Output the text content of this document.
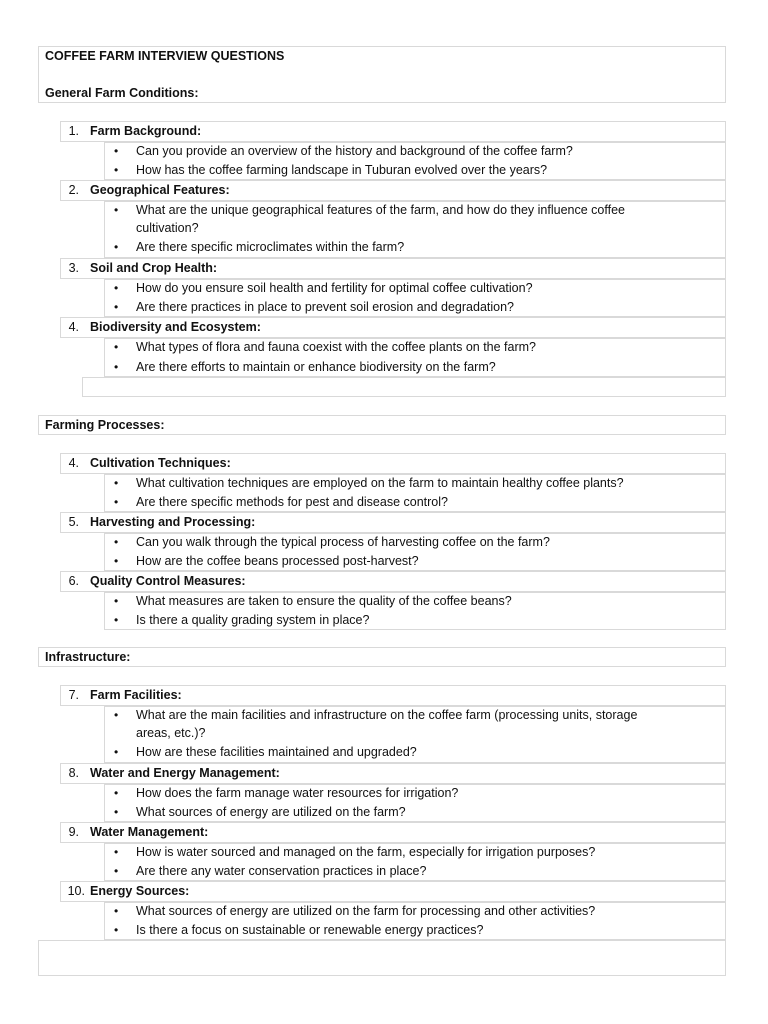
COFFEE FARM INTERVIEW QUESTIONS
General Farm Conditions:
1. Farm Background:
• Can you provide an overview of the history and background of the coffee farm?
• How has the coffee farming landscape in Tuburan evolved over the years?
2. Geographical Features:
• What are the unique geographical features of the farm, and how do they influence coffee
cultivation?
• Are there specific microclimates within the farm?
3. Soil and Crop Health:
• How do you ensure soil health and fertility for optimal coffee cultivation?
• Are there practices in place to prevent soil erosion and degradation?
4. Biodiversity and Ecosystem:
• What types of flora and fauna coexist with the coffee plants on the farm?
• Are there efforts to maintain or enhance biodiversity on the farm?
Farming Processes:
4. Cultivation Techniques:
• What cultivation techniques are employed on the farm to maintain healthy coffee plants?
• Are there specific methods for pest and disease control?
5. Harvesting and Processing:
• Can you walk through the typical process of harvesting coffee on the farm?
• How are the coffee beans processed post-harvest?
6. Quality Control Measures:
• What measures are taken to ensure the quality of the coffee beans?
• Is there a quality grading system in place?
Infrastructure:
7. Farm Facilities:
• What are the main facilities and infrastructure on the coffee farm (processing units, storage
areas, etc.)?
• How are these facilities maintained and upgraded?
8. Water and Energy Management:
• How does the farm manage water resources for irrigation?
• What sources of energy are utilized on the farm?
9. Water Management:
• How is water sourced and managed on the farm, especially for irrigation purposes?
• Are there any water conservation practices in place?
10. Energy Sources:
• What sources of energy are utilized on the farm for processing and other activities?
• Is there a focus on sustainable or renewable energy practices?
